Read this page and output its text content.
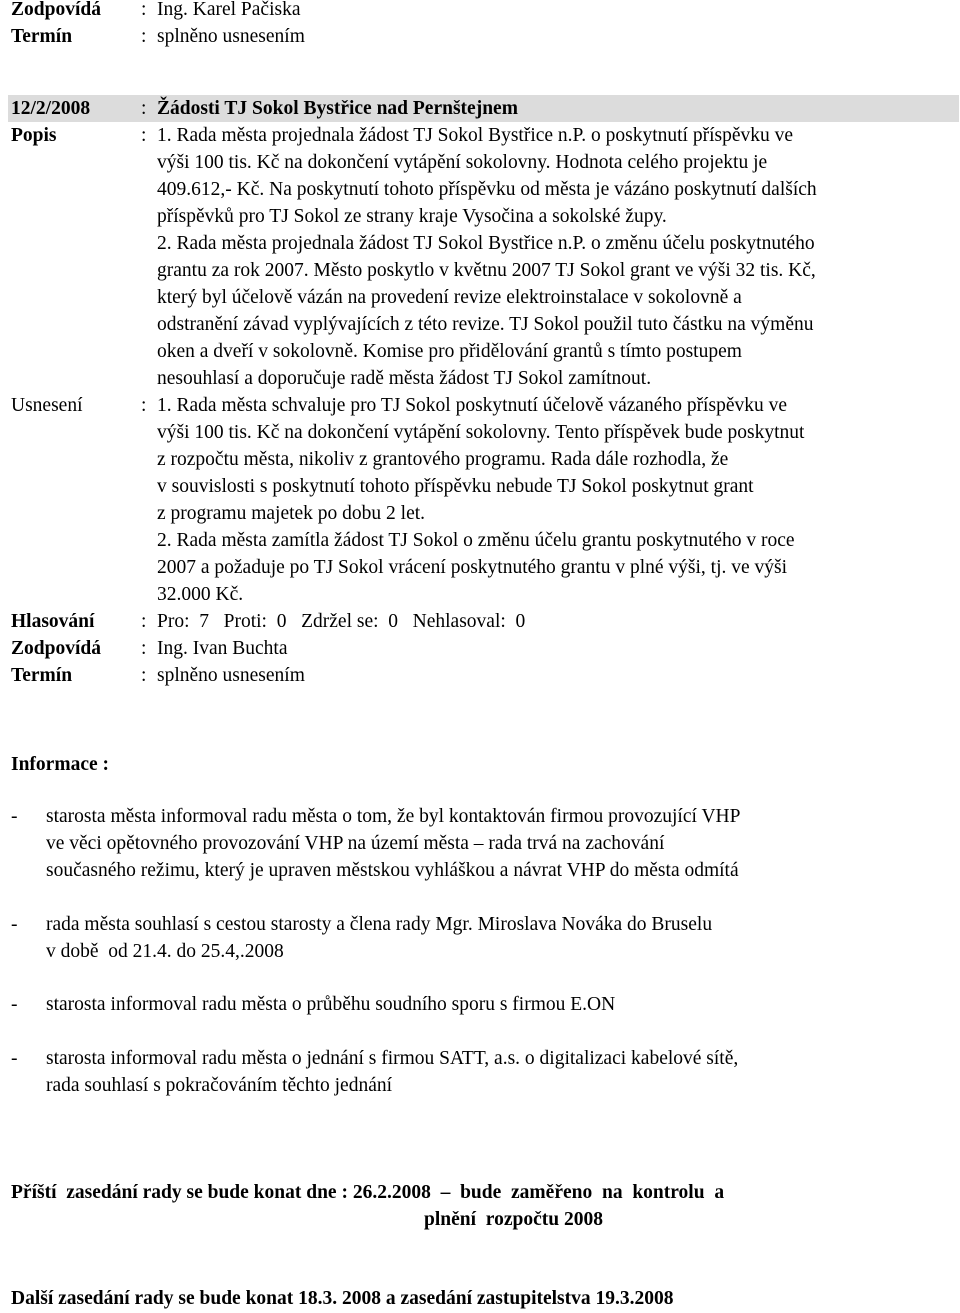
Zodpovídá	: Ing. Karel Pačiska
Termín	: splněno usnesením
12/2/2008	: Žádosti TJ Sokol Bystřice nad Pernštejnem
Popis	: 1. Rada města projednala žádost TJ Sokol Bystřice n.P. o poskytnutí příspěvku ve
výši 100 tis. Kč na dokončení vytápění sokolovny. Hodnota celého projektu je
409.612,- Kč. Na poskytnutí tohoto příspěvku od města je vázáno poskytnutí dalších
příspěvků pro TJ Sokol ze strany kraje Vysočina a sokolské župy.
2. Rada města projednala žádost TJ Sokol Bystřice n.P. o změnu účelu poskytnutého
grantu za rok 2007. Město poskytlo v květnu 2007 TJ Sokol grant ve výši 32 tis. Kč,
který byl účelově vázán na provedení revize elektroinstalace v sokolovně a
odstranění závad vyplývajících z této revize. TJ Sokol použil tuto částku na výměnu
oken a dveří v sokolovně. Komise pro přidělování grantů s tímto postupem
nesouhlasí a doporučuje radě města žádost TJ Sokol zamítnout.
Usnesení	: 1. Rada města schvaluje pro TJ Sokol poskytnutí účelově vázaného příspěvku ve
výši 100 tis. Kč na dokončení vytápění sokolovny. Tento příspěvek bude poskytnut
z rozpočtu města, nikoliv z grantového programu. Rada dále rozhodla, že
v souvislosti s poskytnutí tohoto příspěvku nebude TJ Sokol poskytnut grant
z programu majetek po dobu 2 let.
2. Rada města zamítla žádost TJ Sokol o změnu účelu grantu poskytnutého v roce
2007 a požaduje po TJ Sokol vrácení poskytnutého grantu v plné výši, tj. ve výši
32.000 Kč.
Hlasování	: Pro:  7   Proti:  0   Zdržel se:  0   Nehlasoval:  0
Zodpovídá	: Ing. Ivan Buchta
Termín	: splněno usnesením
Informace :
-	starosta města informoval radu města o tom, že byl kontaktován firmou provozující VHP
ve věci opětovného provozování VHP na území města – rada trvá na zachování
současného režimu, který je upraven městskou vyhláškou a návrat VHP do města odmítá
-	rada města souhlasí s cestou starosty a člena rady Mgr. Miroslava Nováka do Bruselu
v době  od 21.4. do 25.4,.2008
-	starosta informoval radu města o průběhu soudního sporu s firmou E.ON
-	starosta informoval radu města o jednání s firmou SATT, a.s. o digitalizaci kabelové sítě,
rada souhlasí s pokračováním těchto jednání
Příští  zasedání rady se bude konat dne : 26.2.2008  –  bude  zaměřeno  na  kontrolu  a
plnění  rozpočtu 2008
Další zasedání rady se bude konat 18.3. 2008 a zasedání zastupitelstva 19.3.2008
